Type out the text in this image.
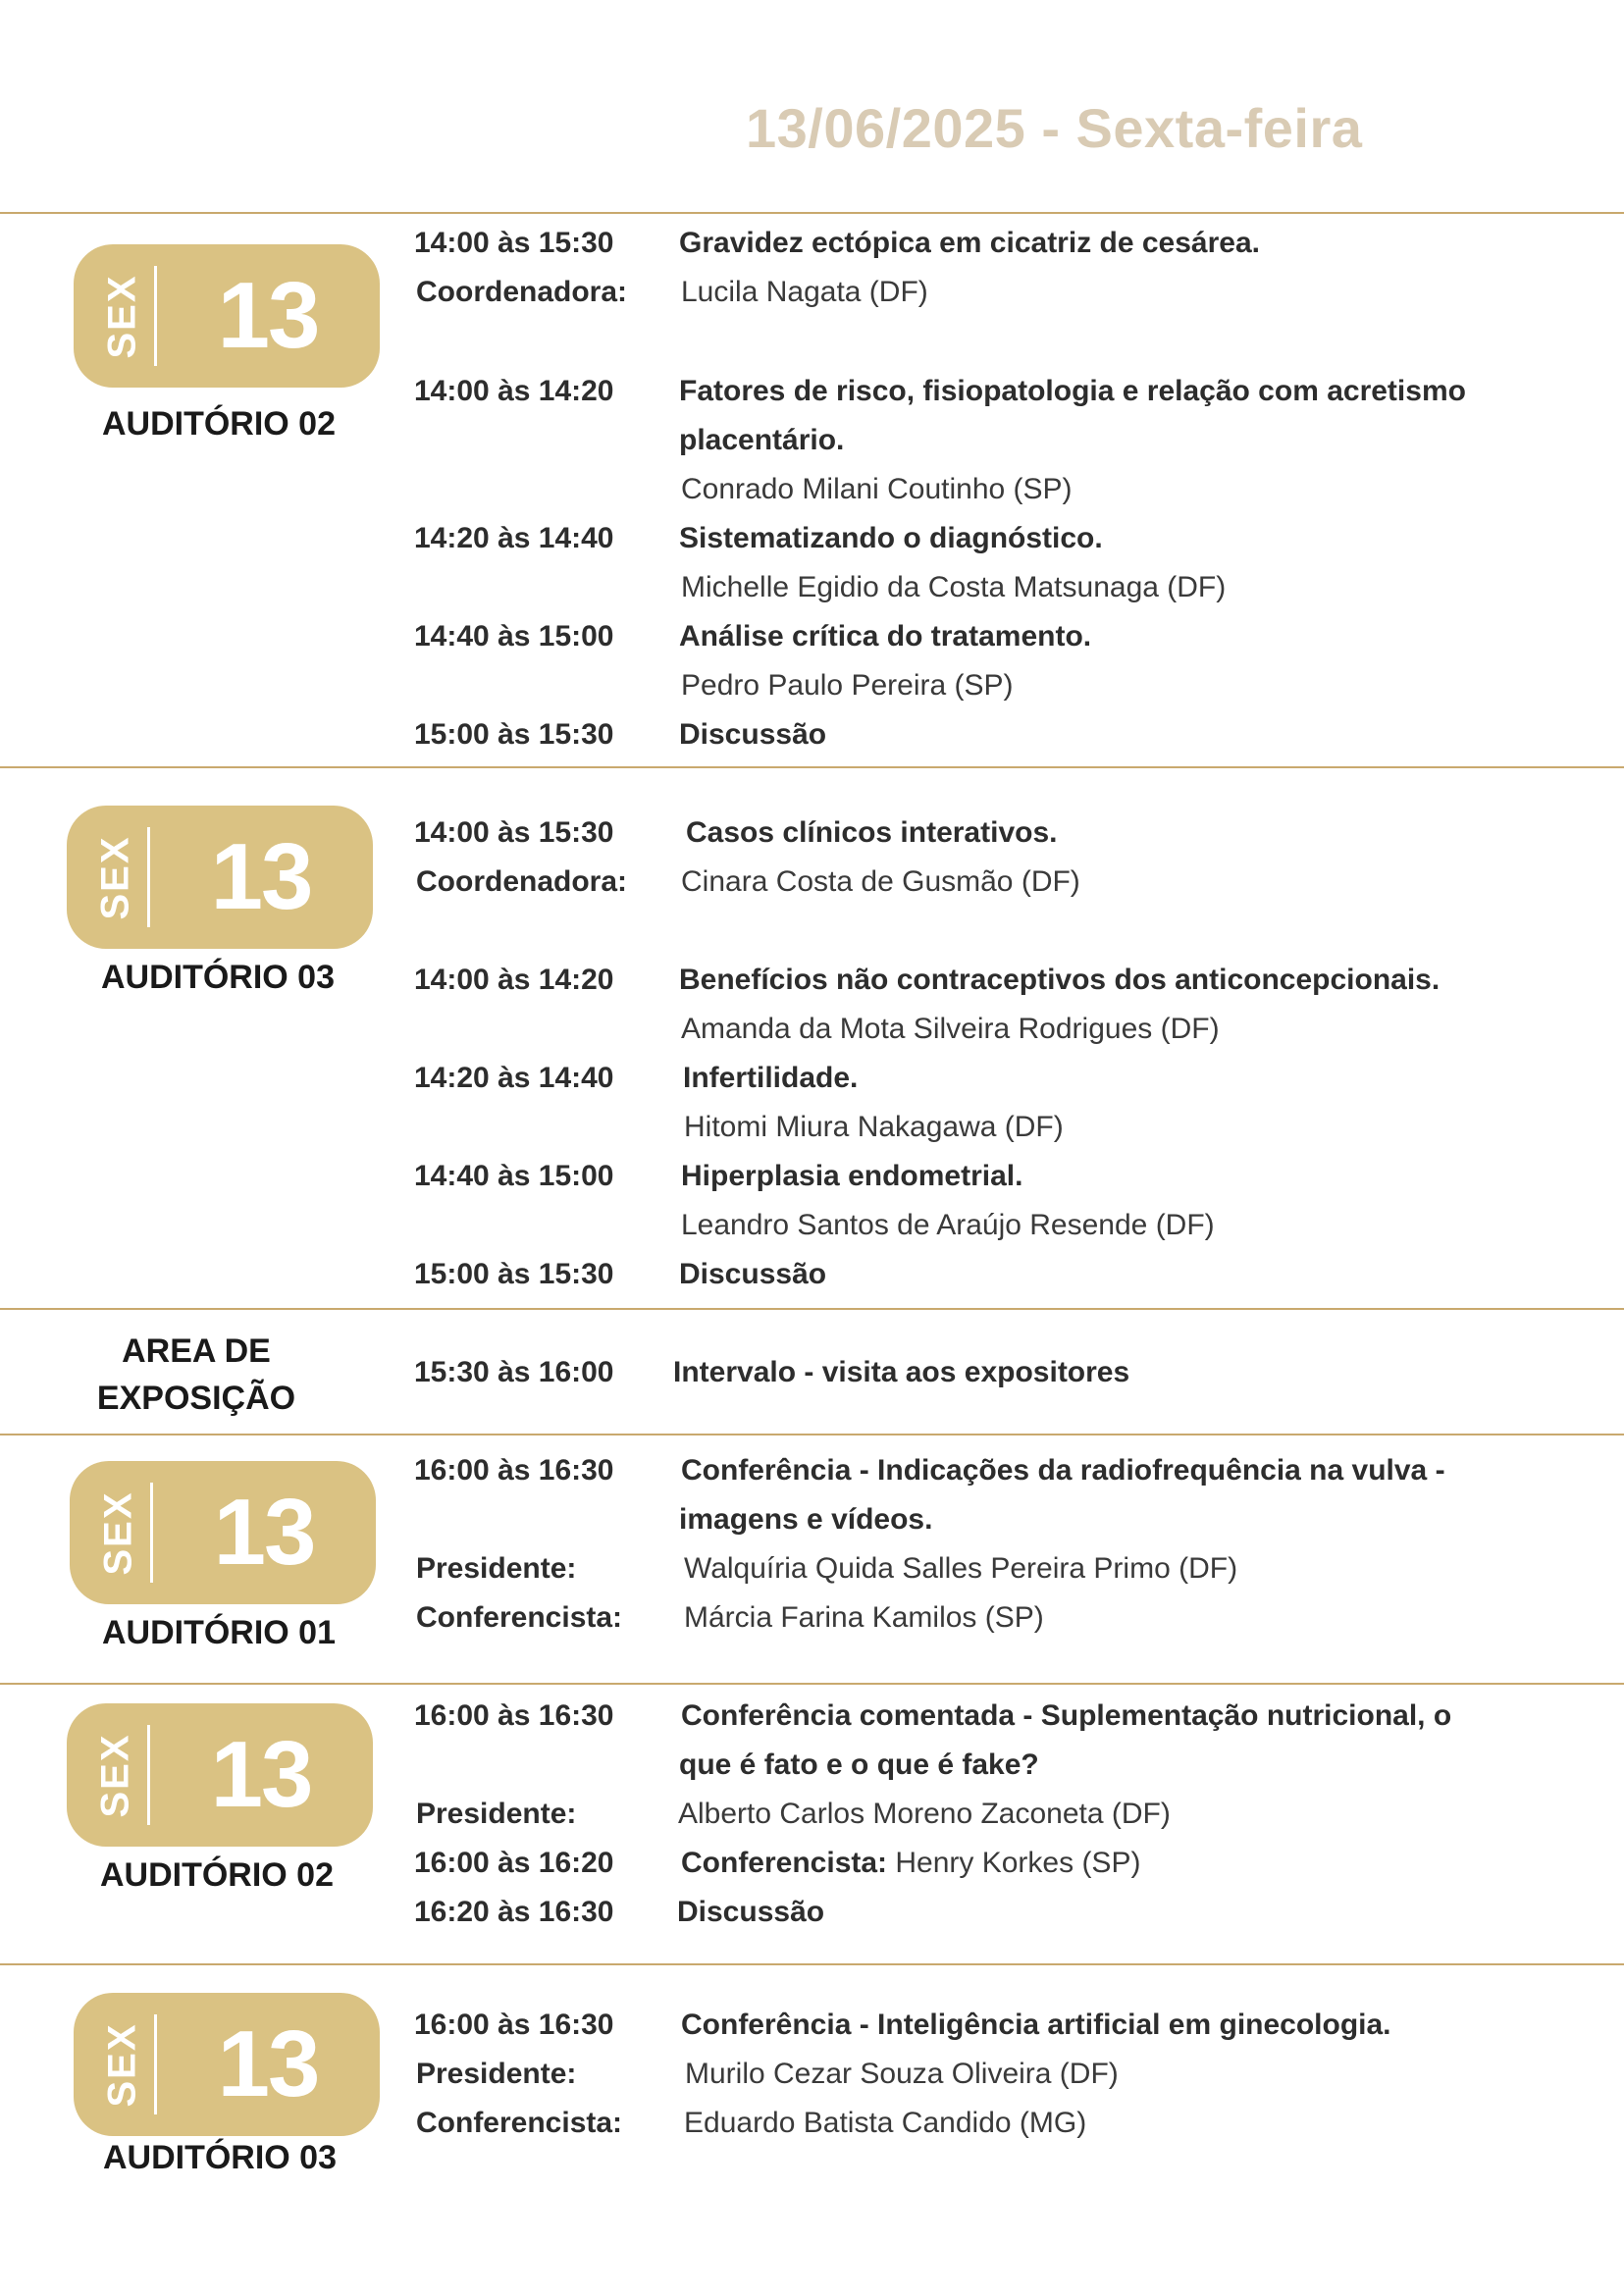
13/06/2025 - Sexta-feira
SEX 13
AUDITÓRIO 02
14:00 às 15:30 Gravidez ectópica em cicatriz de cesárea.
Coordenadora: Lucila Nagata (DF)
14:00 às 14:20 Fatores de risco, fisiopatologia e relação com acretismo
placentário.
Conrado Milani Coutinho (SP)
14:20 às 14:40 Sistematizando o diagnóstico.
Michelle Egidio da Costa Matsunaga (DF)
14:40 às 15:00 Análise crítica do tratamento.
Pedro Paulo Pereira (SP)
15:00 às 15:30 Discussão
SEX 13
AUDITÓRIO 03
14:00 às 15:30 Casos clínicos interativos.
Coordenadora: Cinara Costa de Gusmão (DF)
14:00 às 14:20 Benefícios não contraceptivos dos anticoncepcionais.
Amanda da Mota Silveira Rodrigues (DF)
14:20 às 14:40 Infertilidade.
Hitomi Miura Nakagawa (DF)
14:40 às 15:00 Hiperplasia endometrial.
Leandro Santos de Araújo Resende (DF)
15:00 às 15:30 Discussão
AREA DE
EXPOSIÇÃO
15:30 às 16:00 Intervalo - visita aos expositores
SEX 13
AUDITÓRIO 01
16:00 às 16:30 Conferência - Indicações da radiofrequência na vulva -
imagens e vídeos.
Presidente:	Walquíria Quida Salles Pereira Primo (DF)
Conferencista: Márcia Farina Kamilos (SP)
SEX 13
AUDITÓRIO 02
16:00 às 16:30 Conferência comentada - Suplementação nutricional, o
que é fato e o que é fake?
Presidente:	Alberto Carlos Moreno Zaconeta (DF)
16:00 às 16:20 Conferencista: Henry Korkes (SP)
16:20 às 16:30 Discussão
SEX 13
AUDITÓRIO 03
16:00 às 16:30 Conferência - Inteligência artificial em ginecologia.
Presidente:	Murilo Cezar Souza Oliveira (DF)
Conferencista: Eduardo Batista Candido (MG)
